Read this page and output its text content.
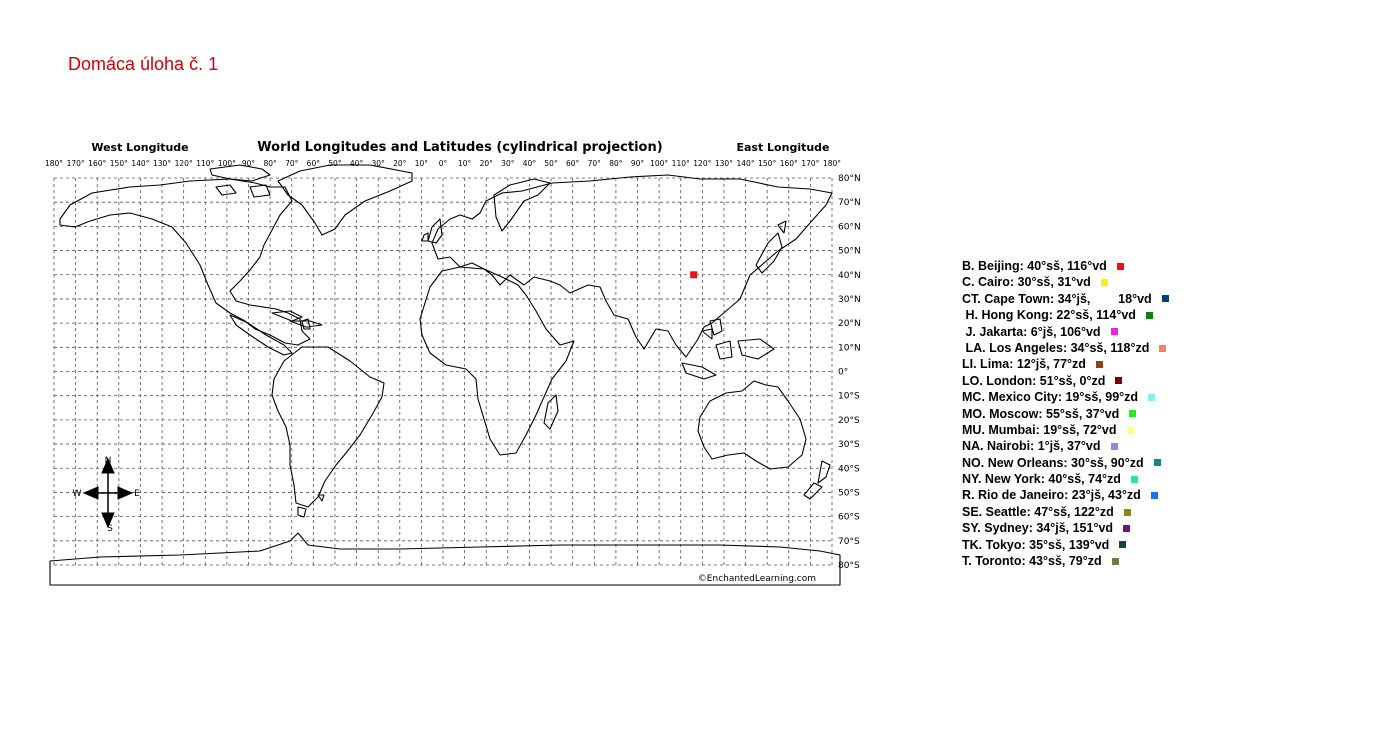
Domáca úloha č. 1
West Longitude	World Longitudes and Latitudes (cylindrical projection)	East Longitude
180° 170° 160° 150° 140° 130° 120° 110° 100° 90° 80° 70° 60° 50° 40° 30° 20° 10° 0° 10° 20° 30° 40° 50° 60° 70° 80° 90° 100° 110° 120° 130° 140° 150° 160° 170° 180°
80°N
70°N
60°N
50°N
40°N
30°N
20°N
10°N
0°
10°S
20°S
30°S
40°S
50°S
60°S
70°S
80°S
N
S
W	E
©EnchantedLearning.com
B. Beijing: 40°sš, 116°vd
C. Cairo: 30°sš, 31°vd
CT. Cape Town: 34°jš,        18°vd
H. Hong Kong: 22°sš, 114°vd
J. Jakarta: 6°jš, 106°vd
LA. Los Angeles: 34°sš, 118°zd
LI. Lima: 12°jš, 77°zd
LO. London: 51°sš, 0°zd
MC. Mexico City: 19°sš, 99°zd
MO. Moscow: 55°sš, 37°vd
MU. Mumbai: 19°sš, 72°vd
NA. Nairobi: 1°jš, 37°vd
NO. New Orleans: 30°sš, 90°zd
NY. New York: 40°sš, 74°zd
R. Rio de Janeiro: 23°jš, 43°zd
SE. Seattle: 47°sš, 122°zd
SY. Sydney: 34°jš, 151°vd
TK. Tokyo: 35°sš, 139°vd
T. Toronto: 43°sš, 79°zd
